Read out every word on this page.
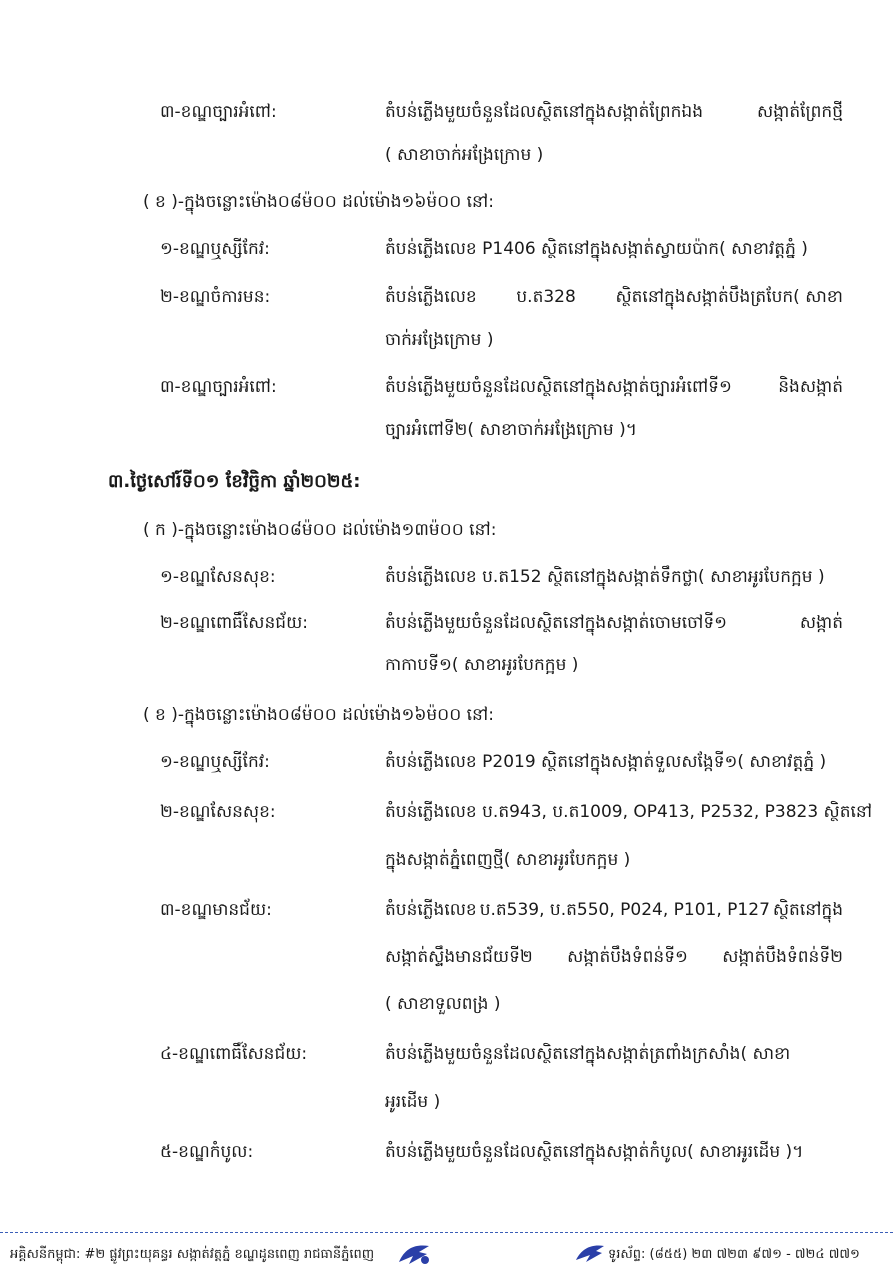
៣-ខណ្ឌច្បារអំពៅ:	តំបន់ភ្លើងមួយចំនួនដែលស្ថិតនៅក្នុងសង្កាត់ព្រែកឯង	សង្កាត់ព្រែកថ្មី
( សាខាចាក់អង្រែក្រោម )
( ខ )-ក្នុងចន្លោះម៉ោង០៨ម៉០០ ដល់ម៉ោង១៦ម៉០០ នៅ:
១-ខណ្ឌឬស្សីកែវ:	តំបន់ភ្លើងលេខ P1406 ស្ថិតនៅក្នុងសង្កាត់ស្វាយប៉ាក( សាខាវត្តភ្នំ )
២-ខណ្ឌចំការមន:	តំបន់ភ្លើងលេខ ប.ត328 ស្ថិតនៅក្នុងសង្កាត់បឹងត្របែក( សាខា
ចាក់អង្រែក្រោម )
៣-ខណ្ឌច្បារអំពៅ:	តំបន់ភ្លើងមួយចំនួនដែលស្ថិតនៅក្នុងសង្កាត់ច្បារអំពៅទី១	និងសង្កាត់
ច្បារអំពៅទី២( សាខាចាក់អង្រែក្រោម )។
៣.ថ្ងៃសៅរ៍ទី០១ ខែវិច្ឆិកា ឆ្នាំ២០២៥:
( ក )-ក្នុងចន្លោះម៉ោង០៨ម៉០០ ដល់ម៉ោង១៣ម៉០០ នៅ:
១-ខណ្ឌសែនសុខ:	តំបន់ភ្លើងលេខ ប.ត152 ស្ថិតនៅក្នុងសង្កាត់ទឹកថ្លា( សាខាអូរបែកក្អម )
២-ខណ្ឌពោធិ៍សែនជ័យ:	តំបន់ភ្លើងមួយចំនួនដែលស្ថិតនៅក្នុងសង្កាត់ចោមចៅទី១	សង្កាត់
កាកាបទី១( សាខាអូរបែកក្អម )
( ខ )-ក្នុងចន្លោះម៉ោង០៨ម៉០០ ដល់ម៉ោង១៦ម៉០០ នៅ:
១-ខណ្ឌឬស្សីកែវ:	តំបន់ភ្លើងលេខ P2019 ស្ថិតនៅក្នុងសង្កាត់ទួលសង្កែទី១( សាខាវត្តភ្នំ )
២-ខណ្ឌសែនសុខ:	តំបន់ភ្លើងលេខ ប.ត943, ប.ត1009, OP413, P2532, P3823 ស្ថិតនៅ
ក្នុងសង្កាត់ភ្នំពេញថ្មី( សាខាអូរបែកក្អម )
៣-ខណ្ឌមានជ័យ:	តំបន់ភ្លើងលេខ ប.ត539, ប.ត550, P024, P101, P127 ស្ថិតនៅក្នុង
សង្កាត់ស្ទឹងមានជ័យទី២ សង្កាត់បឹងទំពន់ទី១ សង្កាត់បឹងទំពន់ទី២
( សាខាទួលពង្រ )
៤-ខណ្ឌពោធិ៍សែនជ័យ:	តំបន់ភ្លើងមួយចំនួនដែលស្ថិតនៅក្នុងសង្កាត់ត្រពាំងក្រសាំង( សាខា
អូរដើម )
៥-ខណ្ឌកំបូល:	តំបន់ភ្លើងមួយចំនួនដែលស្ថិតនៅក្នុងសង្កាត់កំបូល( សាខាអូរដើម )។
អគ្គិសនីកម្ពុជា: #២ ផ្លូវព្រះយុគន្ធរ សង្កាត់វត្តភ្នំ ខណ្ឌដូនពេញ រាជធានីភ្នំពេញ	ទូរស័ព្ទ: (៨៥៥) ២៣ ៧២៣ ៩៧១ - ៧២៤ ៧៧១
